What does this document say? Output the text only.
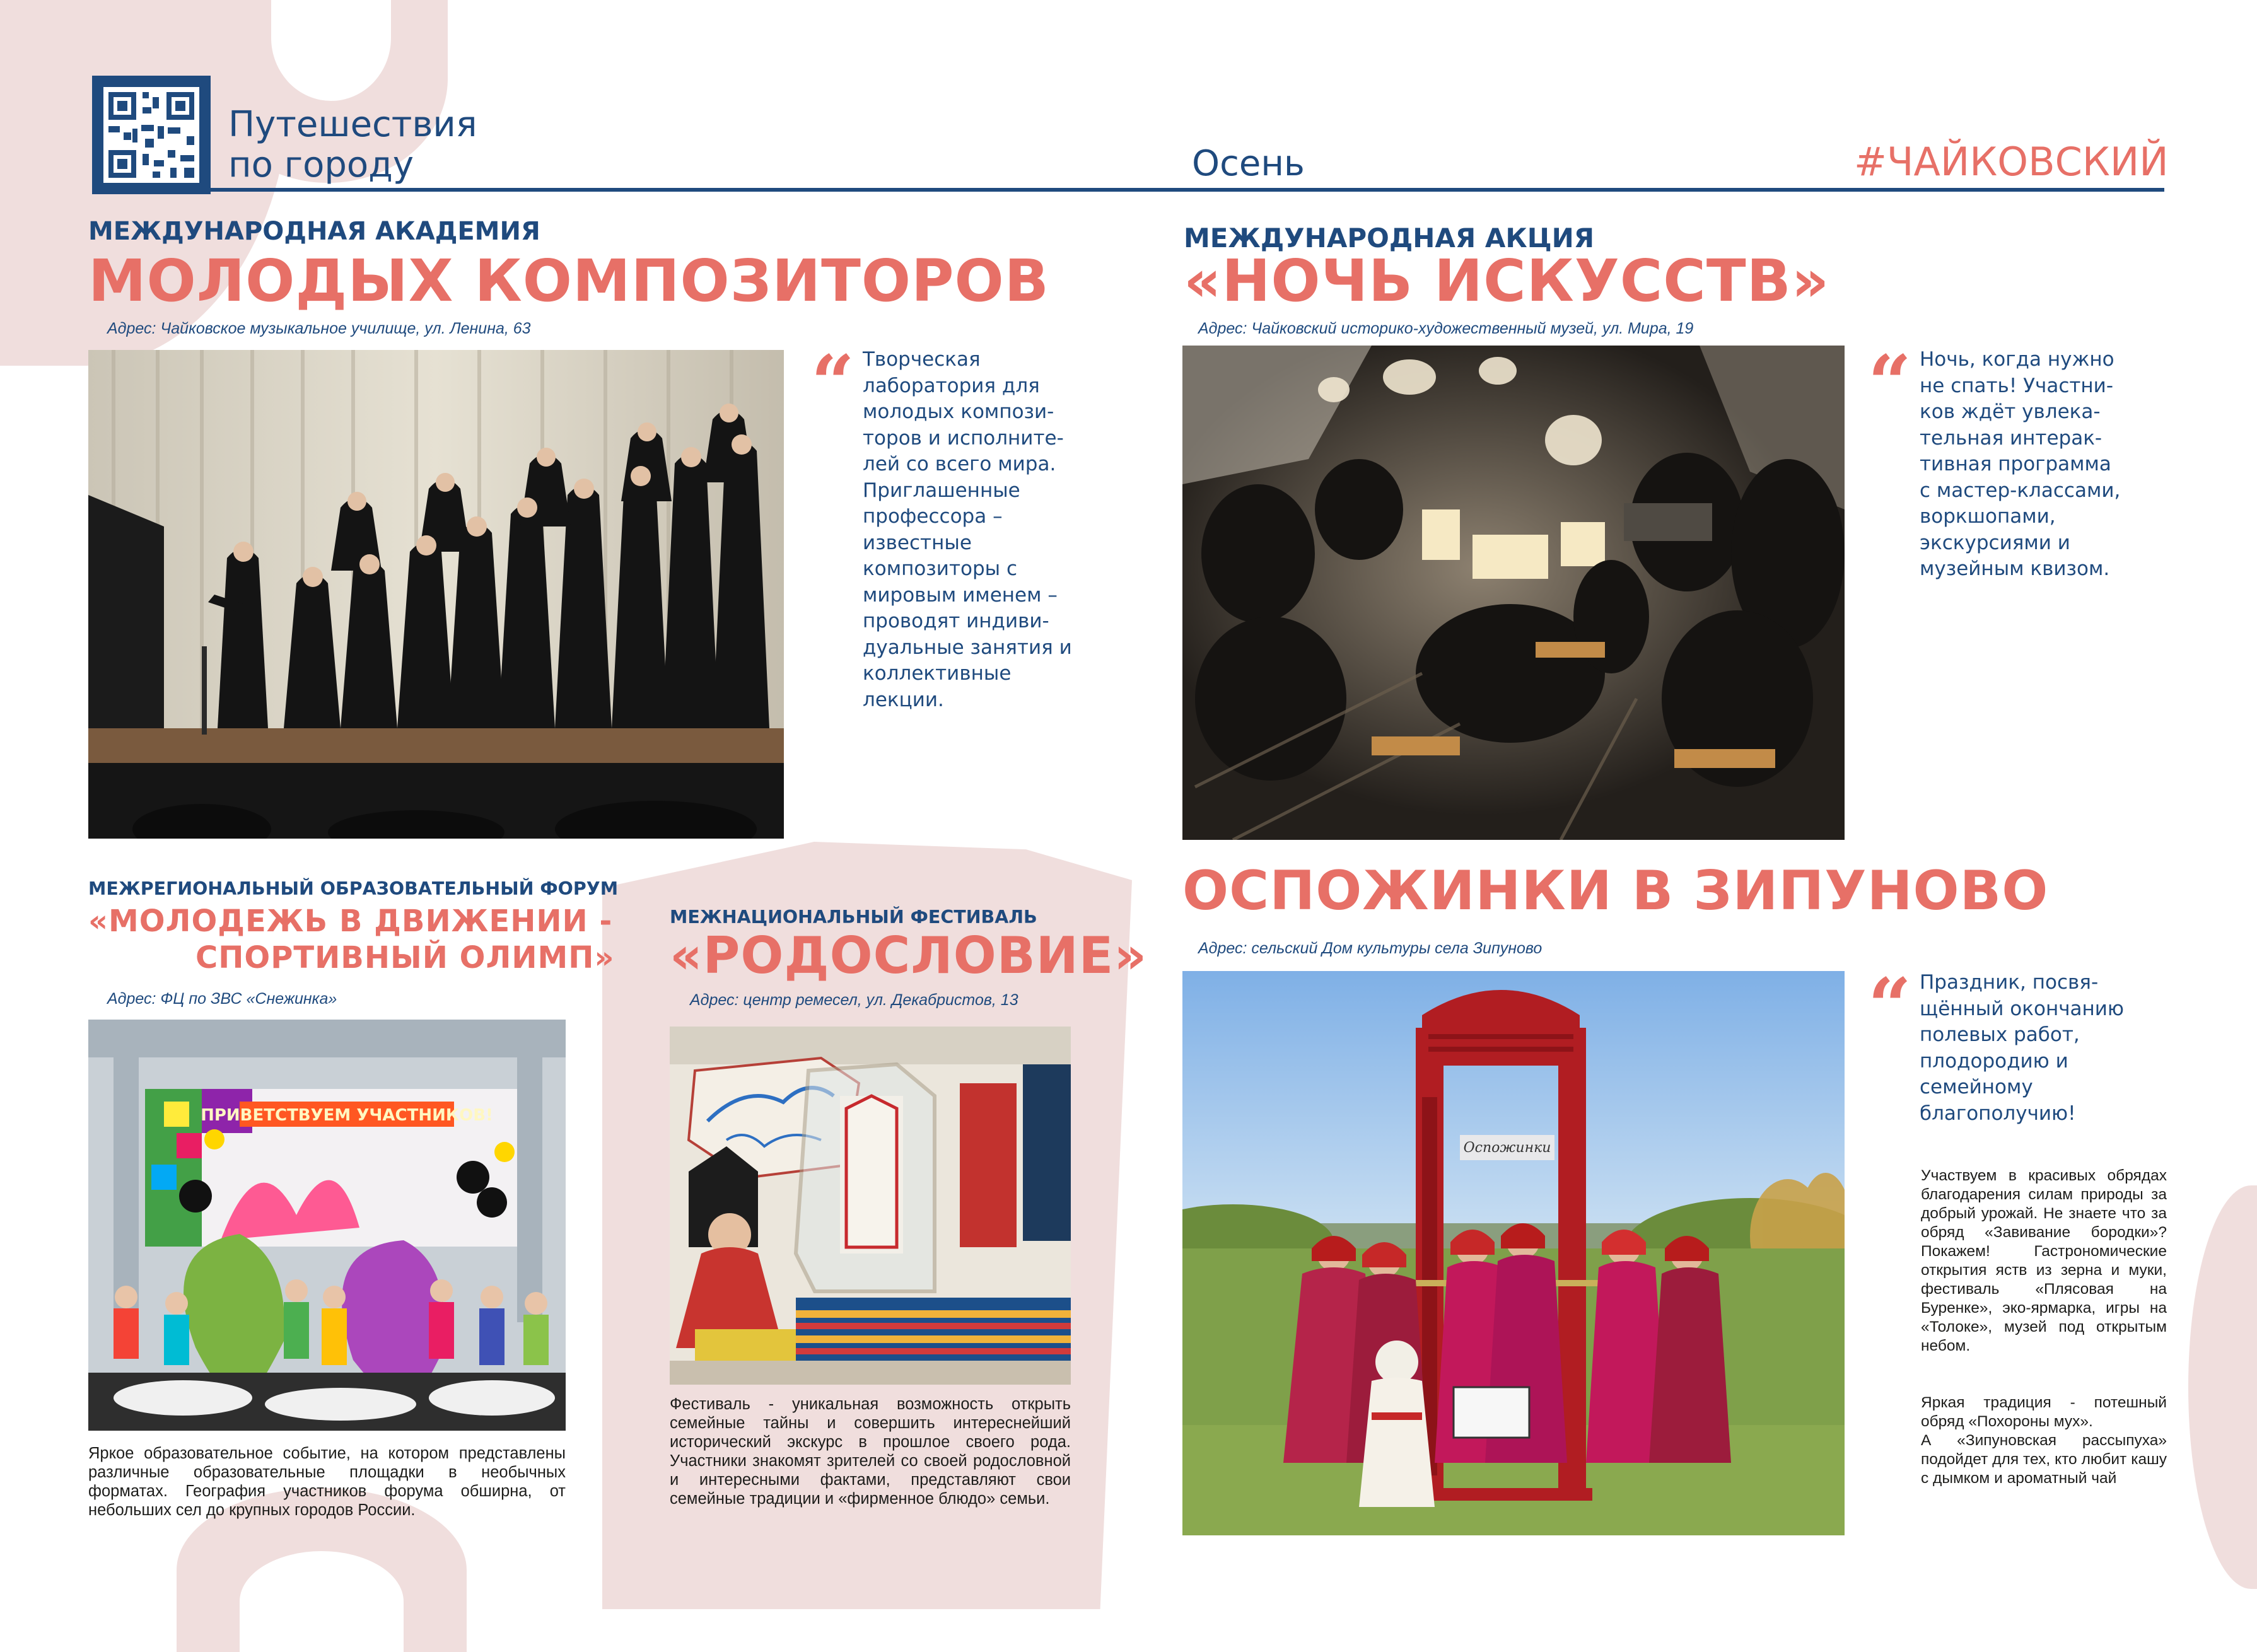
Путешествия
по городу	Осень	#ЧАЙКОВСКИЙ
МЕЖДУНАРОДНАЯ АКАДЕМИЯ
МОЛОДЫХ КОМПОЗИТОРОВ
Адрес: Чайковское музыкальное училище, ул. Ленина, 63
“ Творческая
лаборатория для
молодых компози-
торов и исполните-
лей со всего мира.
Приглашенные
профессора –
известные
композиторы с
мировым именем –
проводят индиви-
дуальные занятия и
коллективные
лекции.
МЕЖДУНАРОДНАЯ АКЦИЯ
«НОЧЬ ИСКУССТВ»
Адрес: Чайковский историко-художественный музей, ул. Мира, 19
“ Ночь, когда нужно
не спать! Участни-
ков ждёт увлека-
тельная интерак-
тивная программа
с мастер-классами,
воркшопами,
экскурсиями и
музейным квизом.
МЕЖРЕГИОНАЛЬНЫЙ ОБРАЗОВАТЕЛЬНЫЙ ФОРУМ
«МОЛОДЕЖЬ В ДВИЖЕНИИ -
СПОРТИВНЫЙ ОЛИМП»
Адрес: ФЦ по ЗВС «Снежинка»
ПРИВЕТСТВУЕМ УЧАСТНИКОВ!
Яркое образовательное событие, на котором представлены различные образовательные площадки в необычных форматах. География участников форума обширна, от небольших сел до крупных городов России.
МЕЖНАЦИОНАЛЬНЫЙ ФЕСТИВАЛЬ
«РОДОСЛОВИЕ»
Адрес: центр ремесел, ул. Декабристов, 13
Фестиваль - уникальная возможность открыть семейные тайны и совершить интереснейший исторический экскурс в прошлое своего рода. Участники знакомят зрителей со своей родословной и интересными фактами, представляют свои семейные традиции и «фирменное блюдо» семьи.
ОСПОЖИНКИ В ЗИПУНОВО
Адрес: сельский Дом культуры села Зипуново
Оспожинки
“ Праздник, посвя-
щённый окончанию
полевых работ,
плодородию и
семейному
благополучию!
Участвуем в красивых обрядах благодарения силам природы за добрый урожай. Не знаете что за обряд «Завивание бородки»? Покажем! Гастрономические открытия яств из зерна и муки, фестиваль «Плясовая на Буренке», эко-ярмарка, игры на «Толоке», музей под открытым небом.
Яркая традиция - потешный обряд «Похороны мух».
А «Зипуновская рассыпуха» подойдет для тех, кто любит кашу с дымком и ароматный чай
